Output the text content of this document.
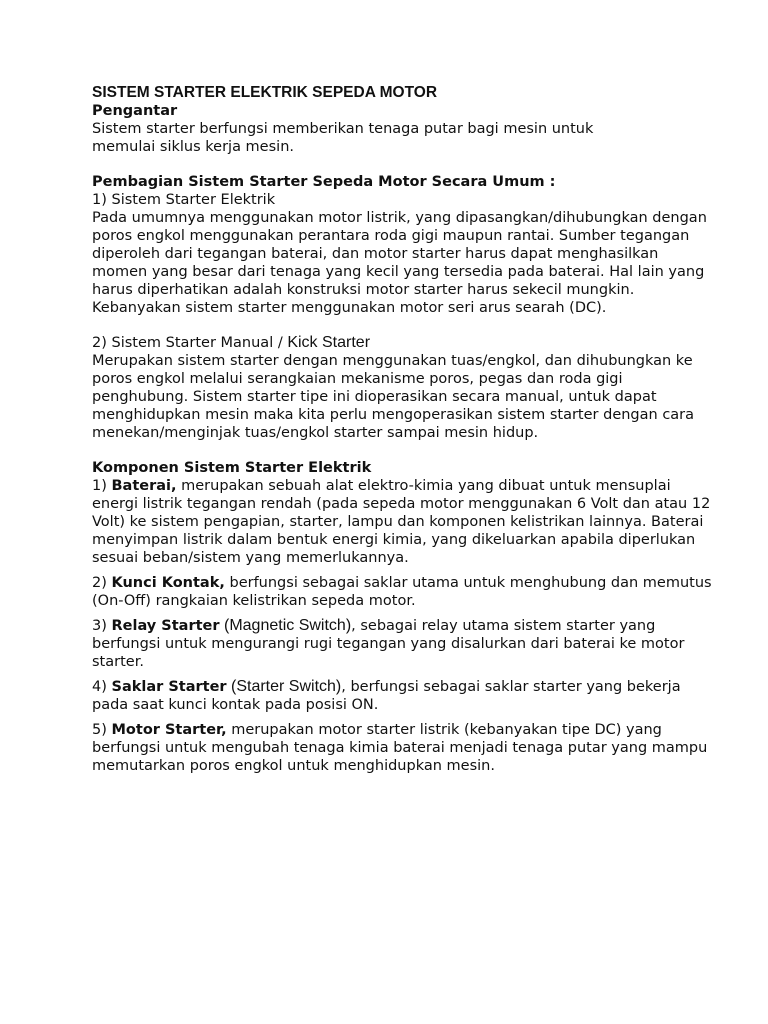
SISTEM STARTER ELEKTRIK SEPEDA MOTOR
Pengantar
Sistem starter berfungsi memberikan tenaga putar bagi mesin untuk
memulai siklus kerja mesin.
Pembagian Sistem Starter Sepeda Motor Secara Umum :
1) Sistem Starter Elektrik
Pada umumnya menggunakan motor listrik, yang dipasangkan/dihubungkan dengan
poros engkol menggunakan perantara roda gigi maupun rantai. Sumber tegangan
diperoleh dari tegangan baterai, dan motor starter harus dapat menghasilkan
momen yang besar dari tenaga yang kecil yang tersedia pada baterai. Hal lain yang
harus diperhatikan adalah konstruksi motor starter harus sekecil mungkin.
Kebanyakan sistem starter menggunakan motor seri arus searah (DC).
2) Sistem Starter Manual / Kick Starter
Merupakan sistem starter dengan menggunakan tuas/engkol, dan dihubungkan ke
poros engkol melalui serangkaian mekanisme poros, pegas dan roda gigi
penghubung. Sistem starter tipe ini dioperasikan secara manual, untuk dapat
menghidupkan mesin maka kita perlu mengoperasikan sistem starter dengan cara
menekan/menginjak tuas/engkol starter sampai mesin hidup.
Komponen Sistem Starter Elektrik
1) Baterai, merupakan sebuah alat elektro-kimia yang dibuat untuk mensuplai
energi listrik tegangan rendah (pada sepeda motor menggunakan 6 Volt dan atau 12
Volt) ke sistem pengapian, starter, lampu dan komponen kelistrikan lainnya. Baterai
menyimpan listrik dalam bentuk energi kimia, yang dikeluarkan apabila diperlukan
sesuai beban/sistem yang memerlukannya.
2) Kunci Kontak, berfungsi sebagai saklar utama untuk menghubung dan memutus
(On-Off) rangkaian kelistrikan sepeda motor.
3) Relay Starter (Magnetic Switch), sebagai relay utama sistem starter yang
berfungsi untuk mengurangi rugi tegangan yang disalurkan dari baterai ke motor
starter.
4) Saklar Starter (Starter Switch), berfungsi sebagai saklar starter yang bekerja
pada saat kunci kontak pada posisi ON.
5) Motor Starter, merupakan motor starter listrik (kebanyakan tipe DC) yang
berfungsi untuk mengubah tenaga kimia baterai menjadi tenaga putar yang mampu
memutarkan poros engkol untuk menghidupkan mesin.
